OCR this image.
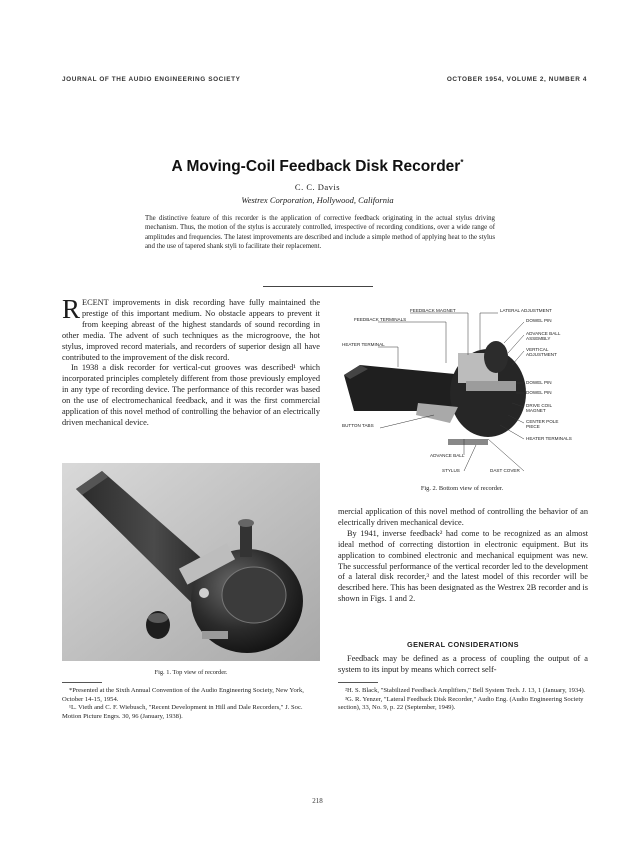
JOURNAL OF THE AUDIO ENGINEERING SOCIETY	OCTOBER 1954, VOLUME 2, NUMBER 4
A Moving-Coil Feedback Disk Recorder*
C. C. Davis
Westrex Corporation, Hollywood, California
The distinctive feature of this recorder is the application of corrective feedback originating in the actual stylus driving mechanism. Thus, the motion of the stylus is accurately controlled, irrespective of recording conditions, over a wide range of amplitudes and frequencies. The latest improvements are described and include a simple method of applying heat to the stylus and the use of tapered shank styli to facilitate their replacement.

RECENT improvements in disk recording have fully maintained the prestige of this important medium. No obstacle appears to prevent it from keeping abreast of the highest standards of sound recording in other media. The advent of such techniques as the microgroove, the hot stylus, improved record materials, and recorders of superior design all have contributed to the improvement of the disk record.

In 1938 a disk recorder for vertical-cut grooves was described¹ which incorporated principles completely different from those previously employed in any type of recording device. The performance of this recorder was based on the use of electromechanical feedback, and it was the first commercial application of this novel method of controlling the behavior of an electrically driven mechanical device.

Fig. 1. Top view of recorder.
FEEDBACK MAGNET
FEEDBACK TERMINALS
HEATER TERMINAL
BUTTON TABS
ADVANCE BALL
STYLUS
LATERAL ADJUSTMENT
DOWEL PIN
ADVANCE BALL ASSEMBLY
VERTICAL ADJUSTMENT
DOWEL PIN
DOWEL PIN
DRIVE COIL MAGNET
CENTER POLE PIECE
HEATER TERMINALS
DAST COVER
Fig. 2. Bottom view of recorder.

mercial application of this novel method of controlling the behavior of an electrically driven mechanical device.

By 1941, inverse feedback² had come to be recognized as an almost ideal method of correcting distortion in electronic equipment. But its application to combined electronic and mechanical equipment was new. The successful performance of the vertical recorder led to the development of a lateral disk recorder,³ and the latest model of this recorder will be described here. This has been designated as the Westrex 2B recorder and is shown in Figs. 1 and 2.

GENERAL CONSIDERATIONS

Feedback may be defined as a process of coupling the output of a system to its input by means which correct self-

*Presented at the Sixth Annual Convention of the Audio Engineering Society, New York, October 14-15, 1954.

¹L. Vieth and C. F. Wiebusch, "Recent Development in Hill and Dale Recorders," J. Soc. Motion Picture Engrs. 30, 96 (January, 1938).

²H. S. Black, "Stabilized Feedback Amplifiers," Bell System Tech. J. 13, 1 (January, 1934).

³G. R. Yenzer, "Lateral Feedback Disk Recorder," Audio Eng. (Audio Engineering Society section), 33, No. 9, p. 22 (September, 1949).

218
